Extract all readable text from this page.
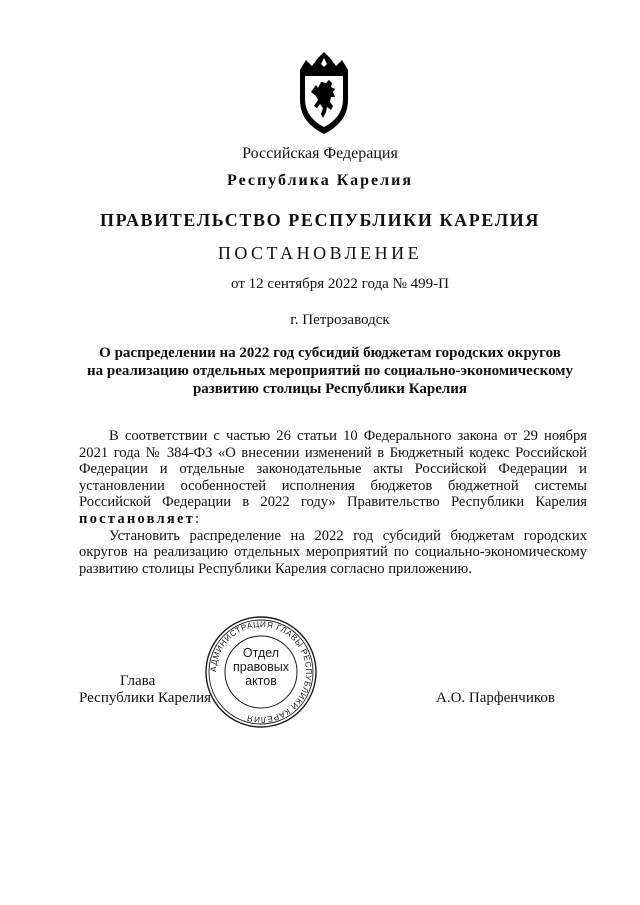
Российская Федерация
Республика Карелия
ПРАВИТЕЛЬСТВО РЕСПУБЛИКИ КАРЕЛИЯ
ПОСТАНОВЛЕНИЕ
от 12 сентября 2022 года № 499-П
г. Петрозаводск
О распределении на 2022 год субсидий бюджетам городских округов
на реализацию отдельных мероприятий по социально-экономическому
развитию столицы Республики Карелия

В соответствии с частью 26 статьи 10 Федерального закона от 29 ноября 2021 года № 384-ФЗ «О внесении изменений в Бюджетный кодекс Российской Федерации и отдельные законодательные акты Российской Федерации и установлении особенностей исполнения бюджетов бюджетной системы Российской Федерации в 2022 году» Правительство Республики Карелия постановляет:

Установить распределение на 2022 год субсидий бюджетам городских округов на реализацию отдельных мероприятий по социально-экономическому развитию столицы Республики Карелия согласно приложению.

Глава
Республики Карелия	А.О. Парфенчиков
АДМИНИСТРАЦИЯ ГЛАВЫ РЕСПУБЛИКИ КАРЕЛИЯ
Отдел
правовых
актов
